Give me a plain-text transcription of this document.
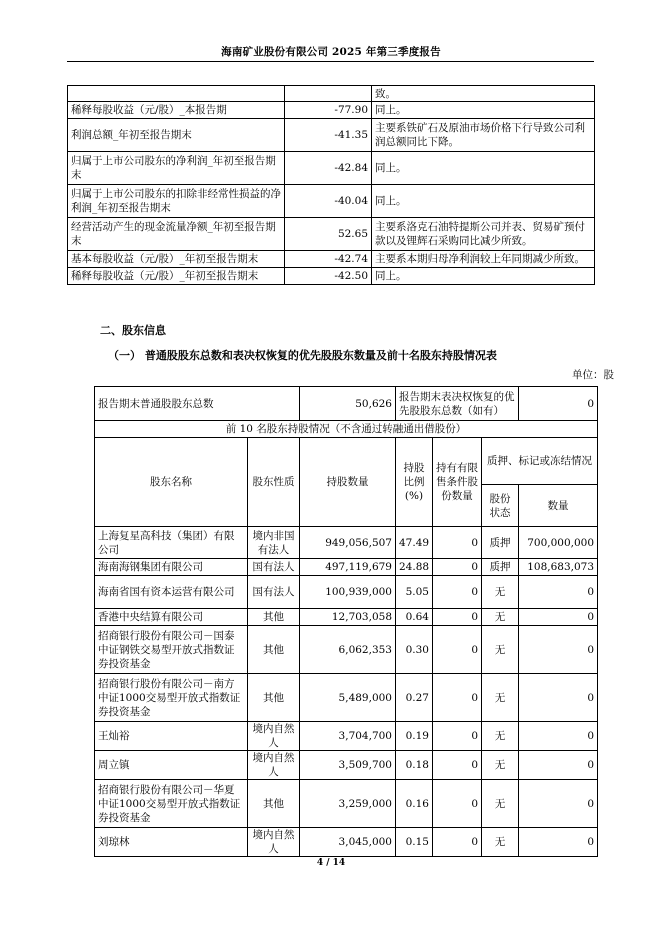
海南矿业股份有限公司 2025 年第三季度报告
		致。
稀释每股收益（元/股）_本报告期	-77.90	同上。
利润总额_年初至报告期末	-41.35	主要系铁矿石及原油市场价格下行导致公司利润总额同比下降。
归属于上市公司股东的净利润_年初至报告期末	-42.84	同上。
归属于上市公司股东的扣除非经常性损益的净利润_年初至报告期末	-40.04	同上。
经营活动产生的现金流量净额_年初至报告期末	52.65	主要系洛克石油特提斯公司并表、贸易矿预付款以及锂辉石采购同比减少所致。
基本每股收益（元/股）_年初至报告期末	-42.74	主要系本期归母净利润较上年同期减少所致。
稀释每股收益（元/股）_年初至报告期末	-42.50	同上。
二、股东信息
（一） 普通股股东总数和表决权恢复的优先股股东数量及前十名股东持股情况表
单位：股
报告期末普通股股东总数		50,626	报告期末表决权恢复的优先股股东总数（如有）			0
前 10 名股东持股情况（不含通过转融通出借股份）						
股东名称	股东性质	持股数量	持股比例(%)	持有有限售条件股份数量	质押、标记或冻结情况	
					股份状态	数量
上海复星高科技（集团）有限公司	境内非国有法人	949,056,507	47.49	0	质押	700,000,000
海南海钢集团有限公司	国有法人	497,119,679	24.88	0	质押	108,683,073
海南省国有资本运营有限公司	国有法人	100,939,000	5.05	0	无	0
香港中央结算有限公司	其他	12,703,058	0.64	0	无	0
招商银行股份有限公司－国泰中证钢铁交易型开放式指数证券投资基金	其他	6,062,353	0.30	0	无	0
招商银行股份有限公司－南方中证1000交易型开放式指数证券投资基金	其他	5,489,000	0.27	0	无	0
王灿裕	境内自然人	3,704,700	0.19	0	无	0
周立镇	境内自然人	3,509,700	0.18	0	无	0
招商银行股份有限公司－华夏中证1000交易型开放式指数证券投资基金	其他	3,259,000	0.16	0	无	0
刘琼林	境内自然人	3,045,000	0.15	0	无	0
4 / 14
